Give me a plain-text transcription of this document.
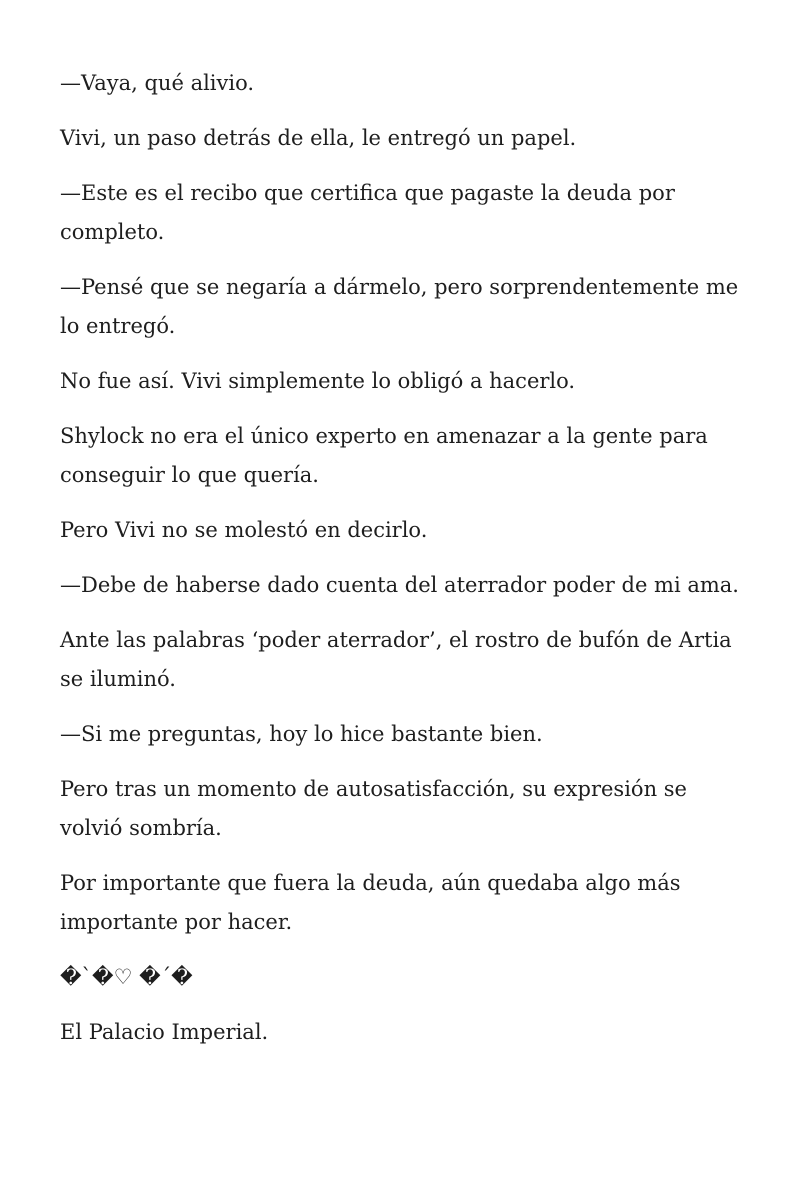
—Vaya, qué alivio.

Vivi, un paso detrás de ella, le entregó un papel.

—Este es el recibo que certifica que pagaste la deuda por completo.

—Pensé que se negaría a dármelo, pero sorprendentemente me lo entregó.

No fue así. Vivi simplemente lo obligó a hacerlo.

Shylock no era el único experto en amenazar a la gente para conseguir lo que quería.

Pero Vivi no se molestó en decirlo.

—Debe de haberse dado cuenta del aterrador poder de mi ama.

Ante las palabras ‘poder aterrador’, el rostro de bufón de Artia se iluminó.

—Si me preguntas, hoy lo hice bastante bien.

Pero tras un momento de autosatisfacción, su expresión se volvió sombría.

Por importante que fuera la deuda, aún quedaba algo más importante por hacer.

�`�♡ �´�

El Palacio Imperial.
